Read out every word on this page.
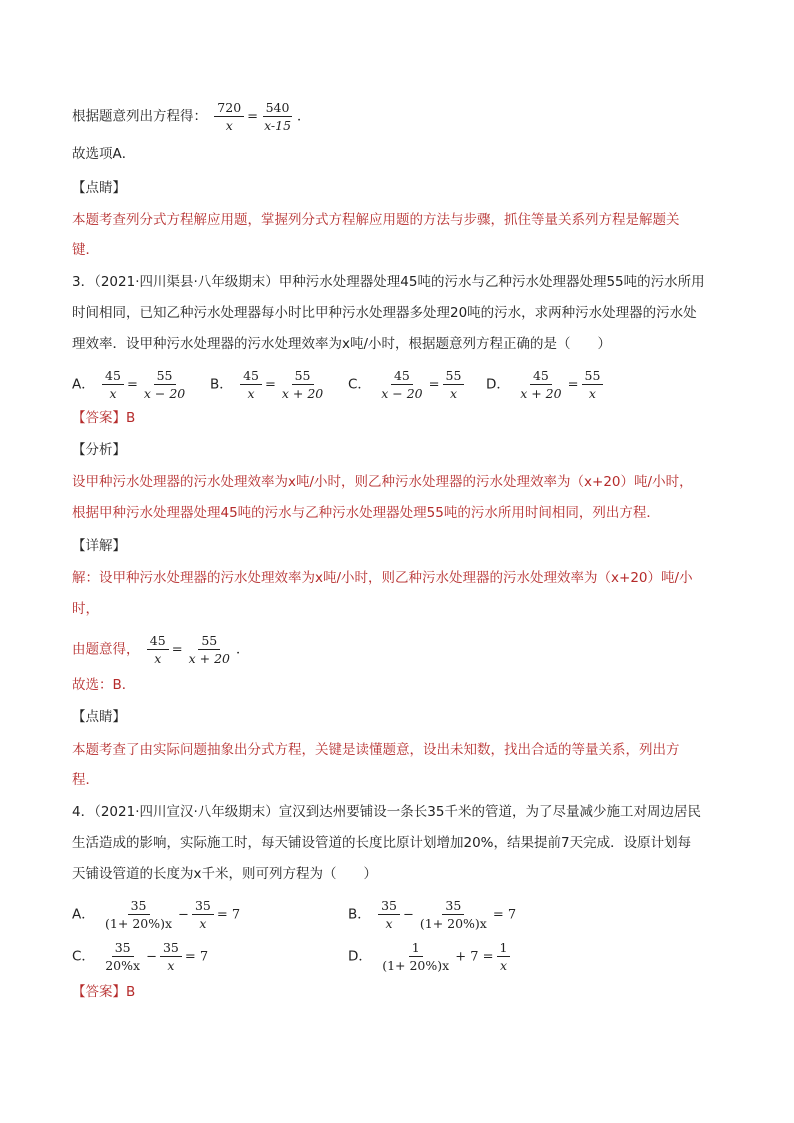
根据题意列出方程得： $\frac{720}{x} = \frac{540}{x-15}$ ．
故选项A．
【点睛】
本题考查列分式方程解应用题，掌握列分式方程解应用题的方法与步骤，抓住等量关系列方程是解题关
键．
3．（2021·四川渠县·八年级期末）甲种污水处理器处理45吨的污水与乙种污水处理器处理55吨的污水所用
时间相同，已知乙种污水处理器每小时比甲种污水处理器多处理20吨的污水，求两种污水处理器的污水处
理效率．设甲种污水处理器的污水处理效率为x吨/小时，根据题意列方程正确的是（　　）
A． $\frac{45}{x} = \frac{55}{x - 20}$ B． $\frac{45}{x} = \frac{55}{x + 20}$ C． $\frac{45}{x - 20} = \frac{55}{x}$ D． $\frac{45}{x + 20} = \frac{55}{x}$
【答案】B
【分析】
设甲种污水处理器的污水处理效率为x吨/小时，则乙种污水处理器的污水处理效率为（x+20）吨/小时，
根据甲种污水处理器处理45吨的污水与乙种污水处理器处理55吨的污水所用时间相同，列出方程．
【详解】
解：设甲种污水处理器的污水处理效率为x吨/小时，则乙种污水处理器的污水处理效率为（x+20）吨/小
时，
由题意得， $\frac{45}{x} = \frac{55}{x + 20}$ ．
故选：B．
【点睛】
本题考查了由实际问题抽象出分式方程，关键是读懂题意，设出未知数，找出合适的等量关系，列出方
程．
4．（2021·四川宣汉·八年级期末）宣汉到达州要铺设一条长35千米的管道，为了尽量减少施工对周边居民
生活造成的影响，实际施工时，每天铺设管道的长度比原计划增加20%，结果提前7天完成．设原计划每
天铺设管道的长度为x千米，则可列方程为（　　）
A． $\frac{35}{(1+ 20\%)x} - \frac{35}{x} = 7$	B． $\frac{35}{x} - \frac{35}{(1+ 20\%)x} = 7$
C． $\frac{35}{20\%x} - \frac{35}{x} = 7$	D． $\frac{1}{(1+ 20\%)x} + 7 = \frac{1}{x}$
【答案】B
